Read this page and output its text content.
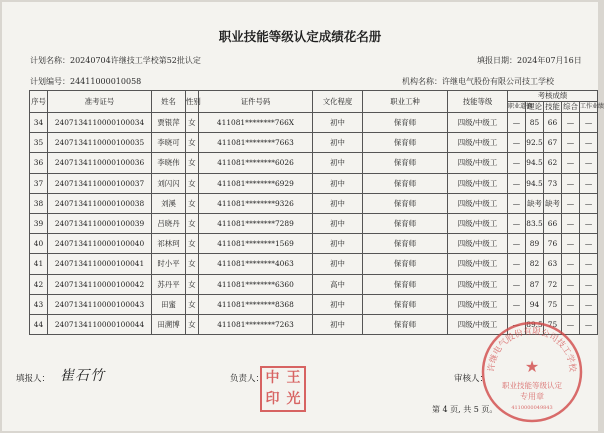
职业技能等级认定成绩花名册
计划名称：20240704许继技工学校第52批认定	填报日期：2024年07月16日
计划编号：24411000010058	机构名称：许继电气股份有限公司技工学校
序号	准考证号	姓名	性别	证件号码	文化程度	职业工种	技能等级	考核成绩				
								职业道德	理论	技能	综合	工作业绩
34	2407134110000100034	贾银萍	女	411081********766X	初中	保育师	四级/中级工	—	85	66	—	—
35	2407134110000100035	李晓可	女	411081********7663	初中	保育师	四级/中级工	—	92.5	67	—	—
36	2407134110000100036	李晓伟	女	411081********6026	初中	保育师	四级/中级工	—	94.5	62	—	—
37	2407134110000100037	刘闪闪	女	411081********6929	初中	保育师	四级/中级工	—	94.5	73	—	—
38	2407134110000100038	刘溪	女	411081********9326	初中	保育师	四级/中级工	—	缺考	缺考	—	—
39	2407134110000100039	吕晓丹	女	411081********7289	初中	保育师	四级/中级工	—	83.5	66	—	—
40	2407134110000100040	祁林珂	女	411081********1569	初中	保育师	四级/中级工	—	89	76	—	—
41	2407134110000100041	时小平	女	411081********4063	初中	保育师	四级/中级工	—	82	63	—	—
42	2407134110000100042	苏丹平	女	411081********6360	高中	保育师	四级/中级工	—	87	72	—	—
43	2407134110000100043	田蜜	女	411081********8368	初中	保育师	四级/中级工	—	94	75	—	—
44	2407134110000100044	田溯博	女	411081********7263	初中	保育师	四级/中级工	—	89.5	75	—	—
填报人： 崔石竹	负责人：	审核人：
中 王
印 光
许继电气股份有限公司技工学校
★
职业技能等级认定
专用章
4110000049843
第 4 页, 共 5 页。
